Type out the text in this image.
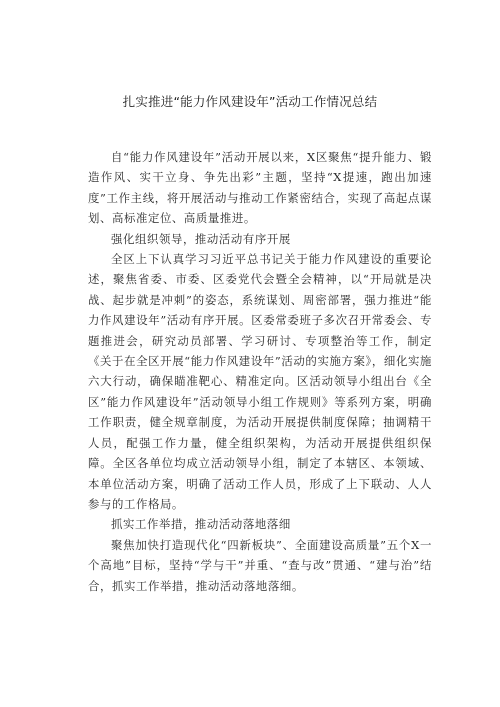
扎实推进“能力作风建设年”活动工作情况总结

自“能力作风建设年”活动开展以来，X区聚焦“提升能力、锻造作风、实干立身、争先出彩”主题，坚持“X提速，跑出加速度”工作主线，将开展活动与推动工作紧密结合，实现了高起点谋划、高标准定位、高质量推进。

强化组织领导，推动活动有序开展

全区上下认真学习习近平总书记关于能力作风建设的重要论述，聚焦省委、市委、区委党代会暨全会精神，以“开局就是决战、起步就是冲刺”的姿态，系统谋划、周密部署，强力推进“能力作风建设年”活动有序开展。区委常委班子多次召开常委会、专题推进会，研究动员部署、学习研讨、专项整治等工作，制定《关于在全区开展“能力作风建设年”活动的实施方案》，细化实施六大行动，确保瞄准靶心、精准定向。区活动领导小组出台《全区”能力作风建设年”活动领导小组工作规则》等系列方案，明确工作职责，健全规章制度，为活动开展提供制度保障；抽调精干人员，配强工作力量，健全组织架构，为活动开展提供组织保障。全区各单位均成立活动领导小组，制定了本辖区、本领域、本单位活动方案，明确了活动工作人员，形成了上下联动、人人参与的工作格局。

抓实工作举措，推动活动落地落细

聚焦加快打造现代化“四新板块”、全面建设高质量”五个X一个高地”目标，坚持“学与干”并重、“查与改”贯通、“建与治”结合，抓实工作举措，推动活动落地落细。
